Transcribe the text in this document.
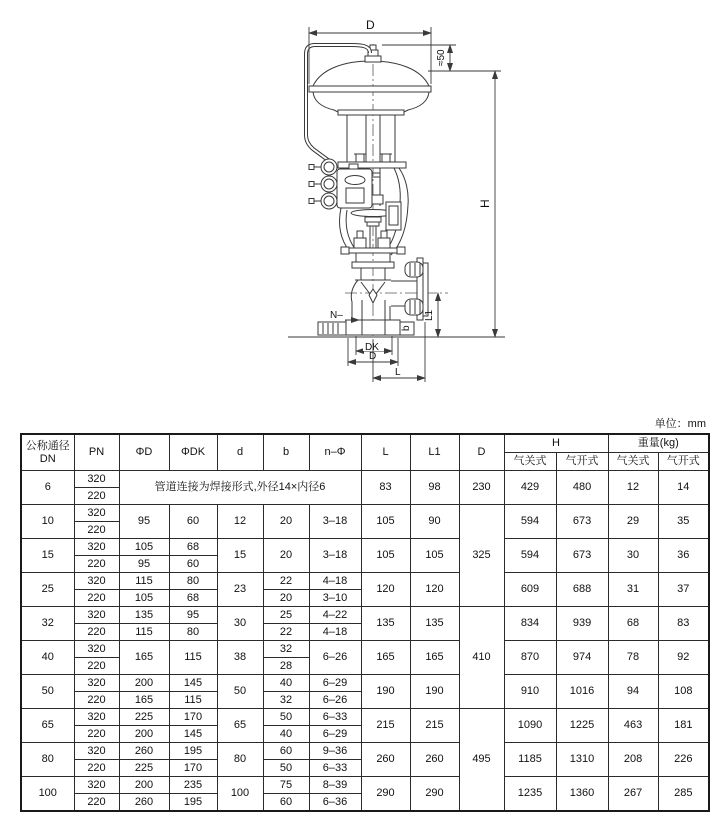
D
≈50
H
L1
b
N–
DK
D
L
单位：mm
公称通径
DN	PN	ΦD	ΦDK	d	b	n–Φ	L	L1	D	H		重量(kg)	
										气关式	气开式	气关式	气开式
6	320	管道连接为焊接形式,外径14×内径6					83	98	230	429	480	12	14
	220												
10	320	95	60	12	20	3–18	105	90	325	594	673	29	35
	220												
15	320	105	68	15	20	3–18	105	105		594	673	30	36
	220	95	60										
25	320	115	80	23	22	4–18	120	120		609	688	31	37
	220	105	68		20	3–10							
32	320	135	95	30	25	4–22	135	135	410	834	939	68	83
	220	115	80		22	4–18							
40	320	165	115	38	32	6–26	165	165		870	974	78	92
	220				28								
50	320	200	145	50	40	6–29	190	190		910	1016	94	108
	220	165	115		32	6–26							
65	320	225	170	65	50	6–33	215	215	495	1090	1225	463	181
	220	200	145		40	6–29							
80	320	260	195	80	60	9–36	260	260		1185	1310	208	226
	220	225	170		50	6–33							
100	320	200	235	100	75	8–39	290	290		1235	1360	267	285
	220	260	195		60	6–36							
